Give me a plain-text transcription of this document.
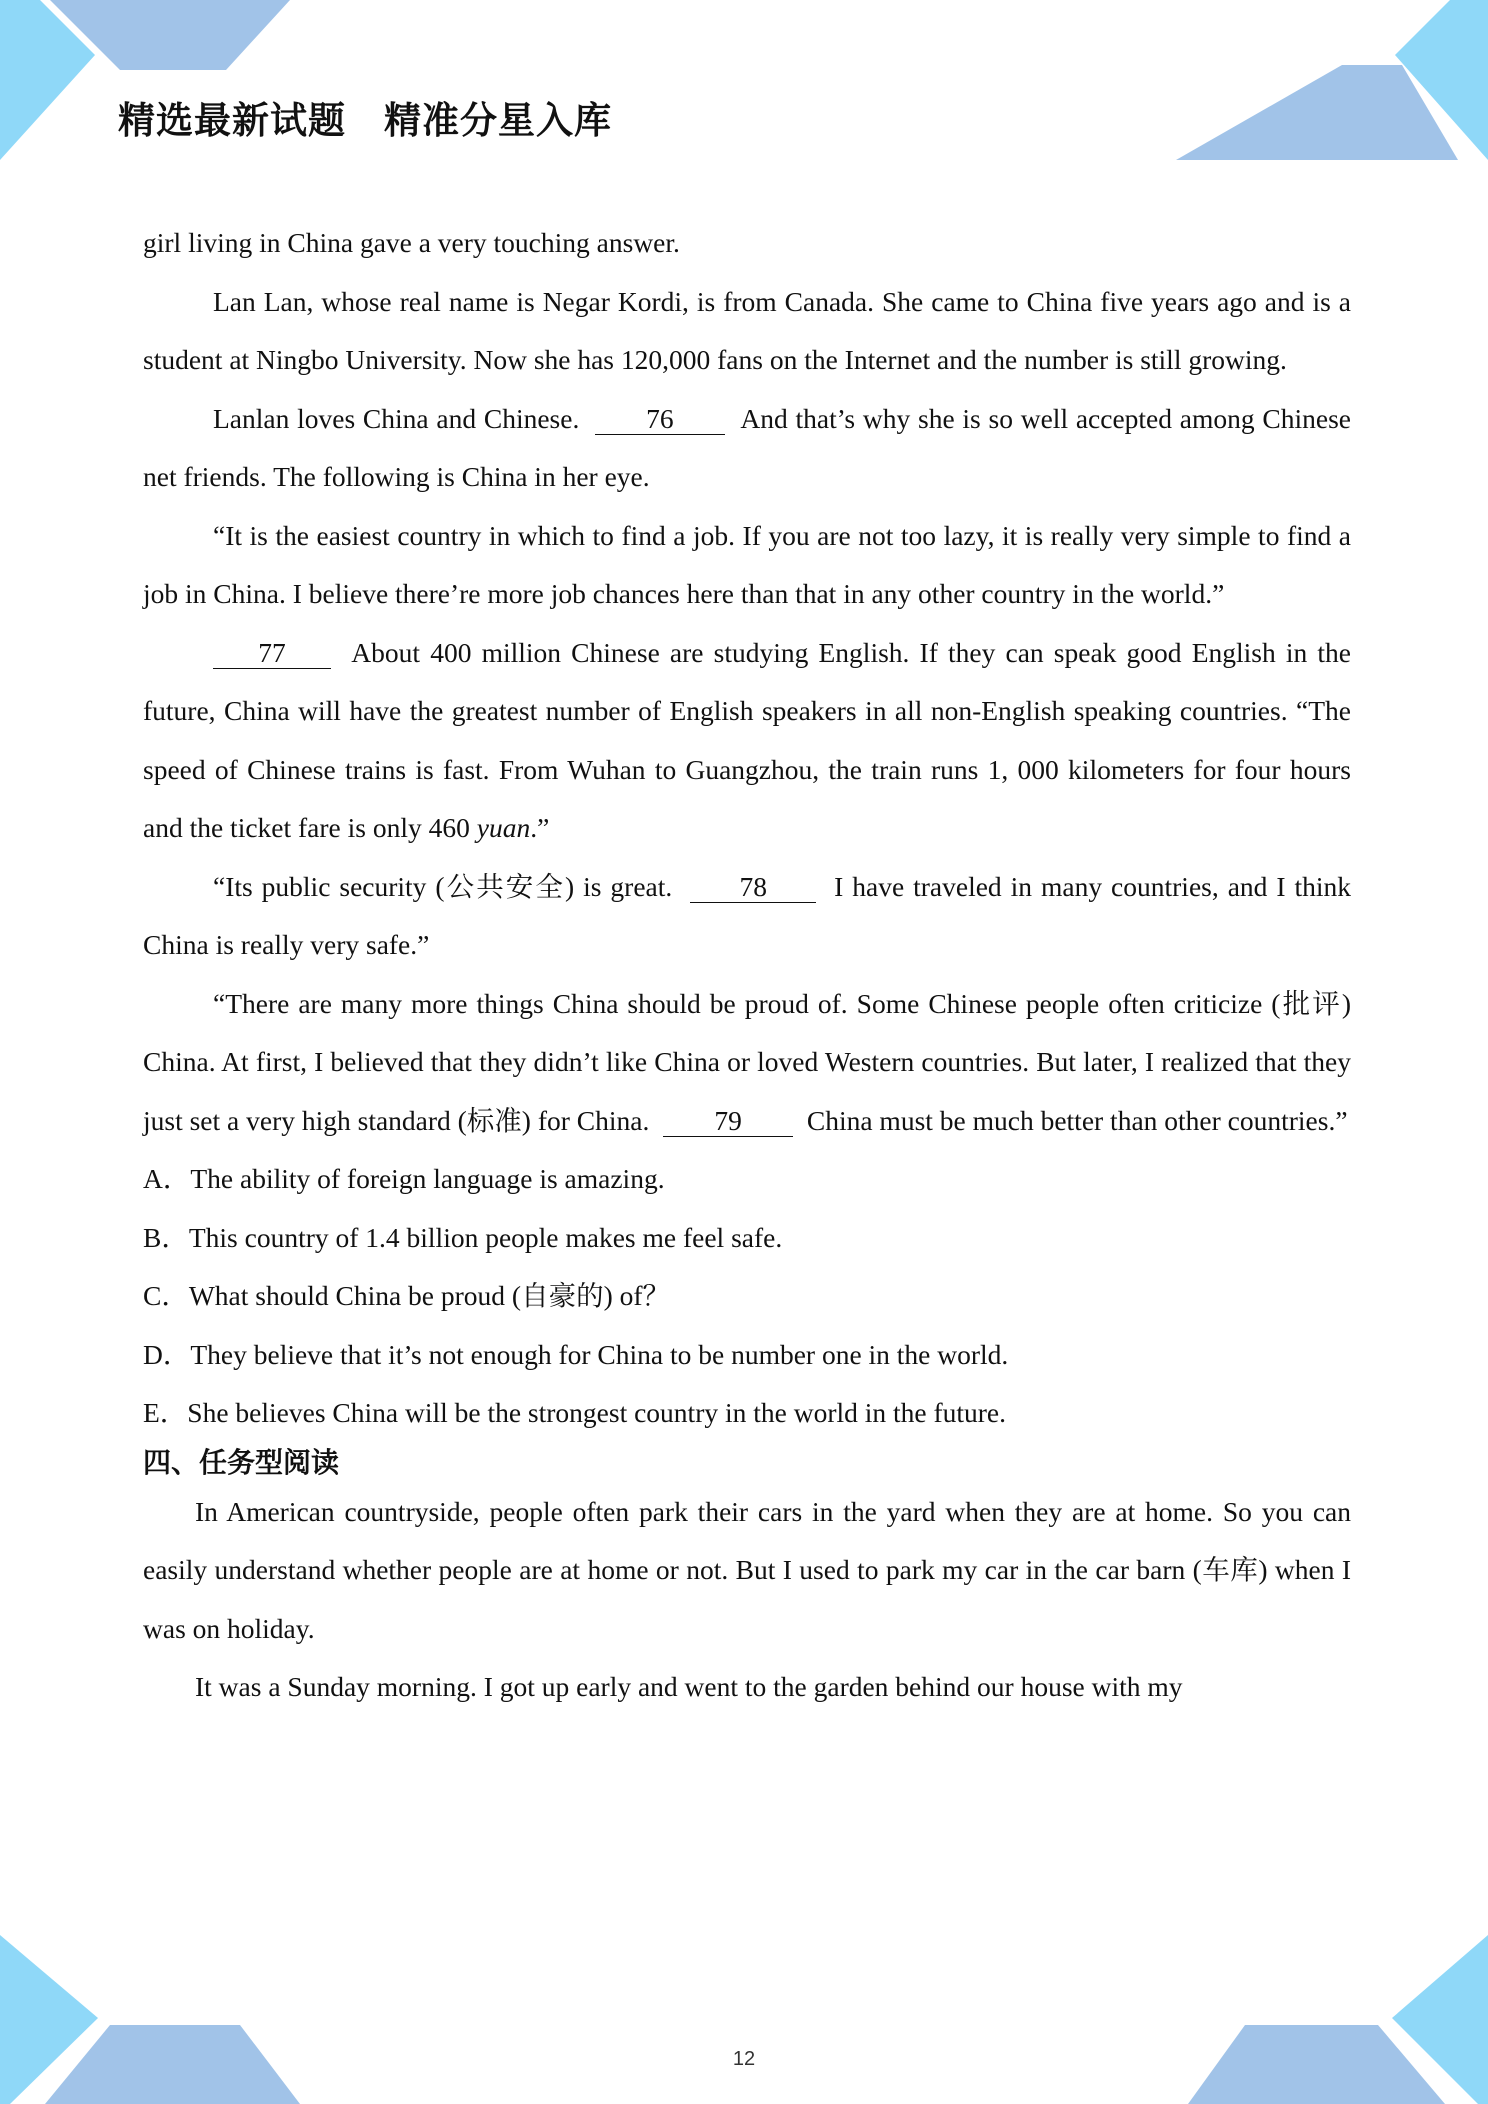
精选最新试题　精准分星入库

girl living in China gave a very touching answer.

Lan Lan, whose real name is Negar Kordi, is from Canada. She came to China five years ago and is a student at Ningbo University. Now she has 120,000 fans on the Internet and the number is still growing.

Lanlan loves China and Chinese. 76 And that’s why she is so well accepted among Chinese net friends. The following is China in her eye.

“It is the easiest country in which to find a job. If you are not too lazy, it is really very simple to find a job in China. I believe there’re more job chances here than that in any other country in the world.”

77 About 400 million Chinese are studying English. If they can speak good English in the future, China will have the greatest number of English speakers in all non-English speaking countries. “The speed of Chinese trains is fast. From Wuhan to Guangzhou, the train runs 1, 000 kilometers for four hours and the ticket fare is only 460 yuan.”

“Its public security (公共安全) is great. 78 I have traveled in many countries, and I think China is really very safe.”

“There are many more things China should be proud of. Some Chinese people often criticize (批评) China. At first, I believed that they didn’t like China or loved Western countries. But later, I realized that they just set a very high standard (标准) for China. 79 China must be much better than other countries.”

A．The ability of foreign language is amazing.

B．This country of 1.4 billion people makes me feel safe.

C．What should China be proud (自豪的) of？

D．They believe that it’s not enough for China to be number one in the world.

E．She believes China will be the strongest country in the world in the future.

四、任务型阅读

In American countryside, people often park their cars in the yard when they are at home. So you can easily understand whether people are at home or not. But I used to park my car in the car barn (车库) when I was on holiday.

It was a Sunday morning. I got up early and went to the garden behind our house with my

12
